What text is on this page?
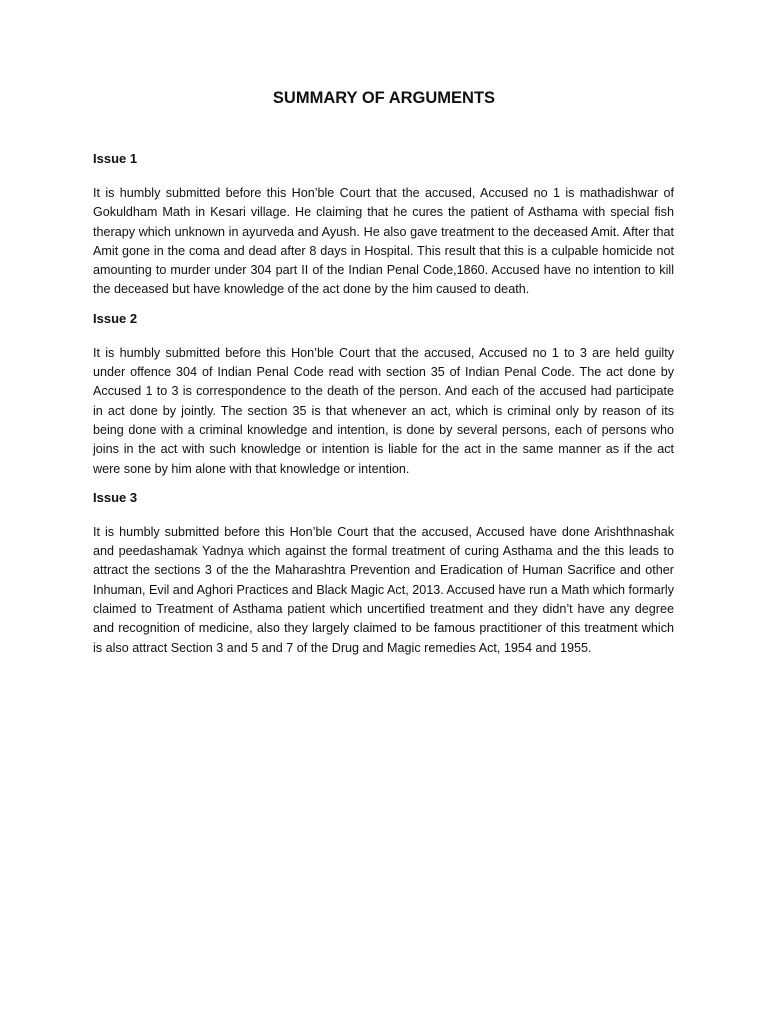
SUMMARY OF ARGUMENTS
Issue 1

It is humbly submitted before this Hon’ble Court that the accused, Accused no 1 is mathadishwar of Gokuldham Math in Kesari village. He claiming that he cures the patient of Asthama with special fish therapy which unknown in ayurveda and Ayush. He also gave treatment to the deceased Amit. After that Amit gone in the coma and dead after 8 days in Hospital. This result that this is a culpable homicide not amounting to murder under 304 part II of the Indian Penal Code,1860. Accused have no intention to kill the deceased but have knowledge of the act done by the him caused to death.

Issue 2

It is humbly submitted before this Hon’ble Court that the accused, Accused no 1 to 3 are held guilty under offence 304 of Indian Penal Code read with section 35 of Indian Penal Code. The act done by Accused 1 to 3 is correspondence to the death of the person. And each of the accused had participate in act done by jointly. The section 35 is that whenever an act, which is criminal only by reason of its being done with a criminal knowledge and intention, is done by several persons, each of persons who joins in the act with such knowledge or intention is liable for the act in the same manner as if the act were sone by him alone with that knowledge or intention.

Issue 3

It is humbly submitted before this Hon’ble Court that the accused, Accused have done Arishthnashak and peedashamak Yadnya which against the formal treatment of curing Asthama and the this leads to attract the sections 3 of the the Maharashtra Prevention and Eradication of Human Sacrifice and other Inhuman, Evil and Aghori Practices and Black Magic Act, 2013. Accused have run a Math which formarly claimed to Treatment of Asthama patient which uncertified treatment and they didn’t have any degree and recognition of medicine, also they largely claimed to be famous practitioner of this treatment which is also attract Section 3 and 5 and 7 of the Drug and Magic remedies Act, 1954 and 1955.
